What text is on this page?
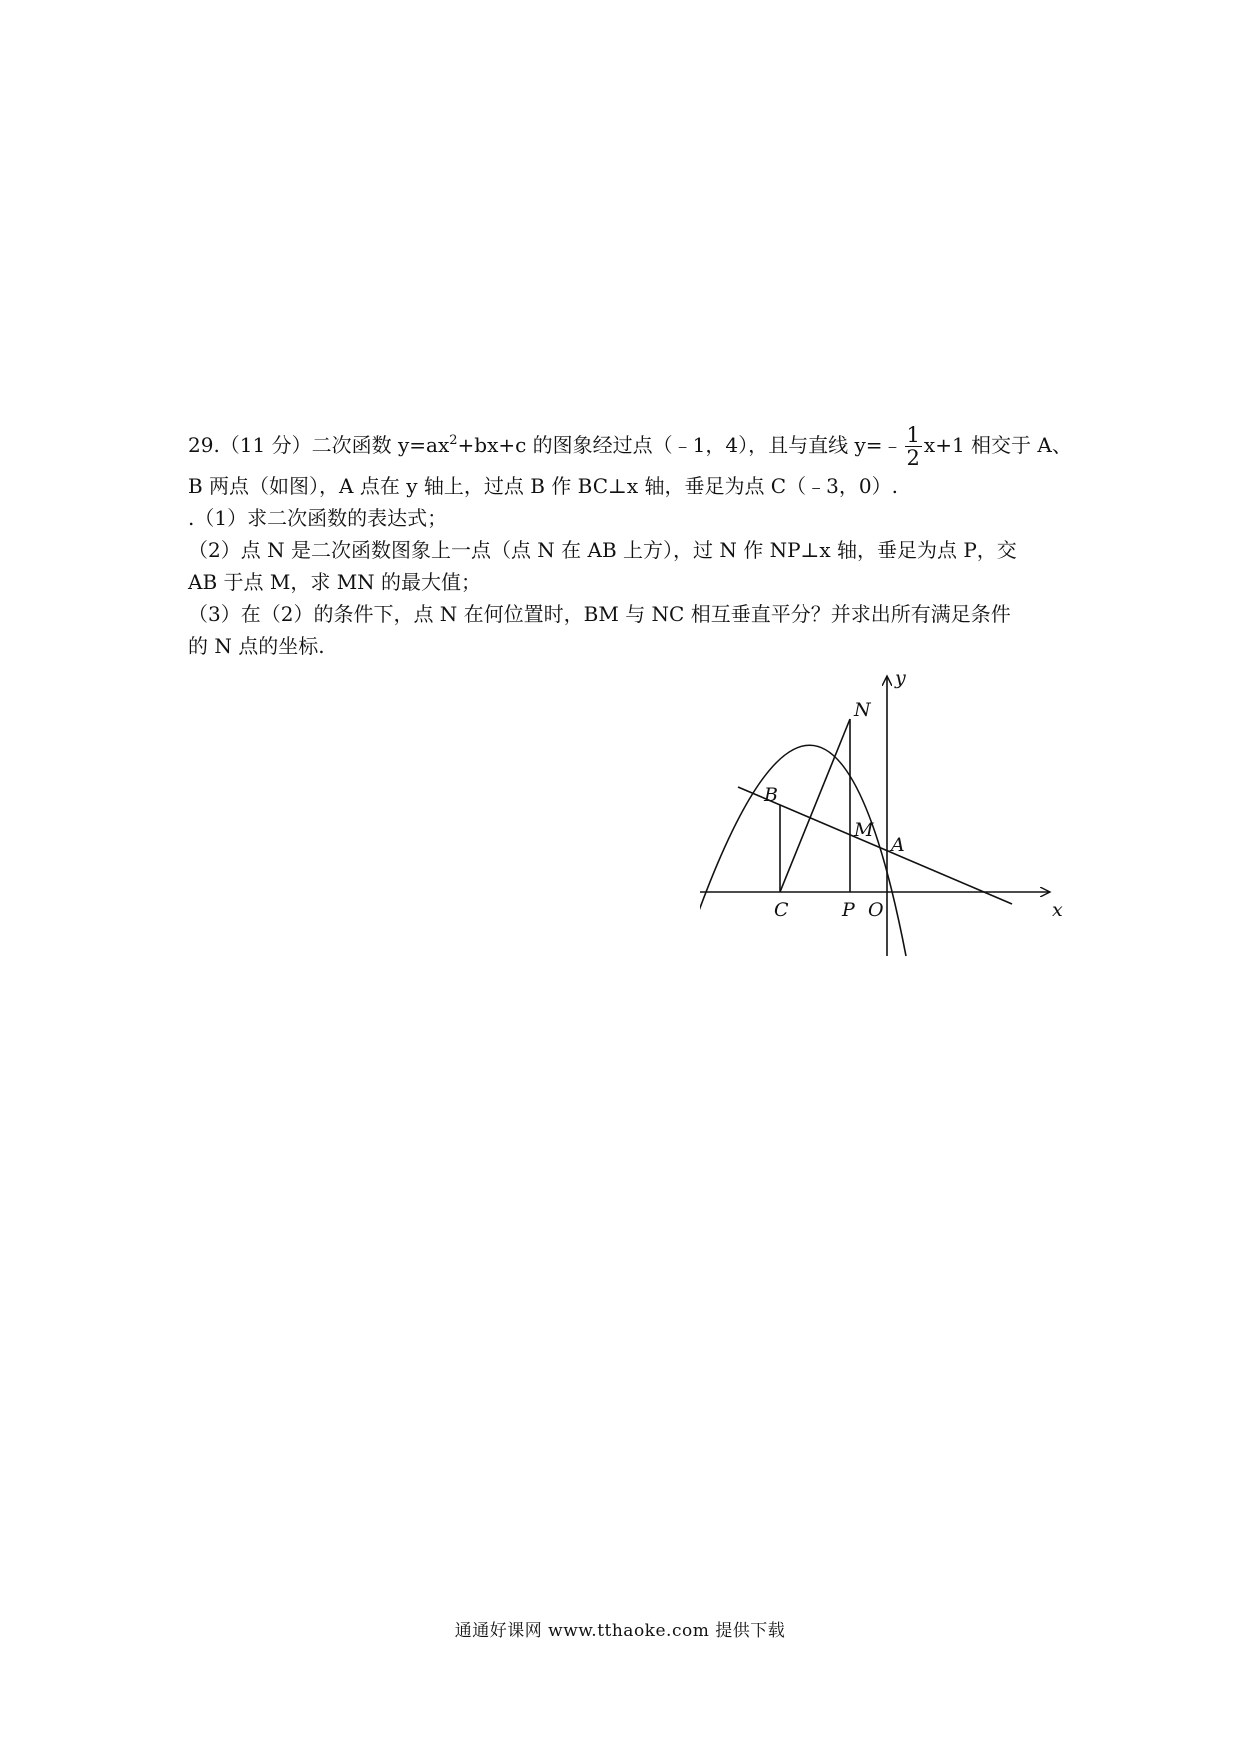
29.（11 分）二次函数 $y=ax^2+bx+c$ 的图象经过点（﹣1，4），且与直线 y=﹣ $\frac{1}{2} x+1$ 相交于 A、
B 两点（如图），A 点在 y 轴上，过点 B 作 BC⊥x 轴，垂足为点 C（﹣3，0）.
.（1）求二次函数的表达式；
（2）点 N 是二次函数图象上一点（点 N 在 AB 上方），过 N 作 NP⊥x 轴，垂足为点 P，交
AB 于点 M，求 MN 的最大值；
（3）在（2）的条件下，点 N 在何位置时，BM 与 NC 相互垂直平分？并求出所有满足条件
的 N 点的坐标.
y
x
N
B
M
A
C	P O
通通好课网 www.tthaoke.com 提供下载
